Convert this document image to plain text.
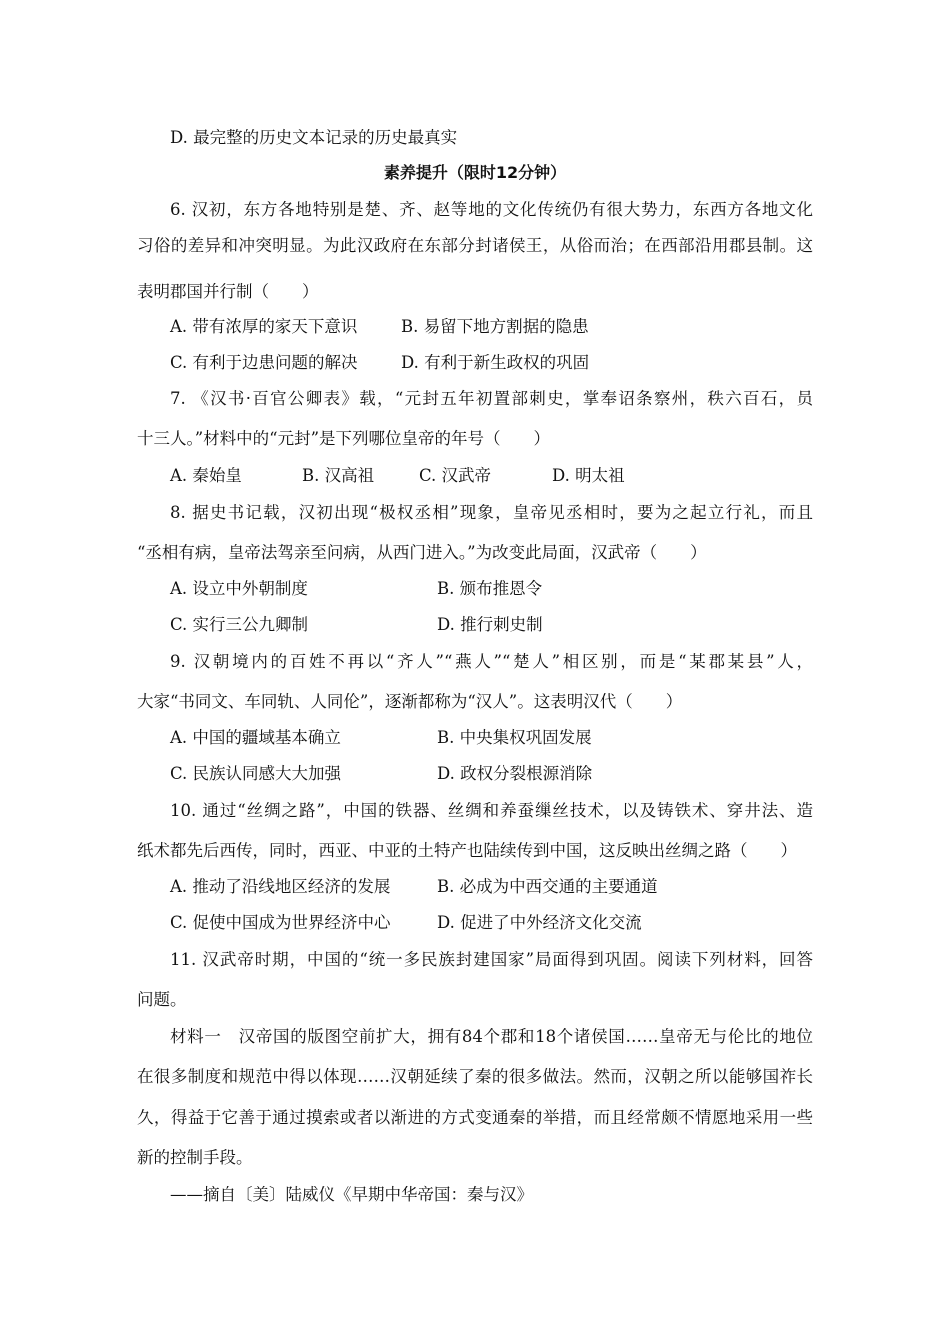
D. 最完整的历史文本记录的历史最真实
素养提升（限时12分钟）
6. 汉初，东方各地特别是楚、齐、赵等地的文化传统仍有很大势力，东西方各地文化
习俗的差异和冲突明显。为此汉政府在东部分封诸侯王，从俗而治；在西部沿用郡县制。这
表明郡国并行制（　　）
A. 带有浓厚的家天下意识	B. 易留下地方割据的隐患
C. 有利于边患问题的解决	D. 有利于新生政权的巩固
7. 《汉书·百官公卿表》载，“元封五年初置部刺史，掌奉诏条察州，秩六百石，员
十三人。”材料中的“元封”是下列哪位皇帝的年号（　　）
A. 秦始皇	B. 汉高祖	C. 汉武帝	D. 明太祖
8. 据史书记载，汉初出现“极权丞相”现象，皇帝见丞相时，要为之起立行礼，而且
“丞相有病，皇帝法驾亲至问病，从西门进入。”为改变此局面，汉武帝（　　）
A. 设立中外朝制度	B. 颁布推恩令
C. 实行三公九卿制	D. 推行刺史制
9. 汉朝境内的百姓不再以“齐人”“燕人”“楚人”相区别，而是“某郡某县”人，
大家“书同文、车同轨、人同伦”，逐渐都称为“汉人”。这表明汉代（　　）
A. 中国的疆域基本确立	B. 中央集权巩固发展
C. 民族认同感大大加强	D. 政权分裂根源消除
10. 通过“丝绸之路”，中国的铁器、丝绸和养蚕缫丝技术，以及铸铁术、穿井法、造
纸术都先后西传，同时，西亚、中亚的土特产也陆续传到中国，这反映出丝绸之路（　　）
A. 推动了沿线地区经济的发展	B. 必成为中西交通的主要通道
C. 促使中国成为世界经济中心	D. 促进了中外经济文化交流
11. 汉武帝时期，中国的“统一多民族封建国家”局面得到巩固。阅读下列材料，回答
问题。
材料一　汉帝国的版图空前扩大，拥有84个郡和18个诸侯国……皇帝无与伦比的地位
在很多制度和规范中得以体现……汉朝延续了秦的很多做法。然而，汉朝之所以能够国祚长
久，得益于它善于通过摸索或者以渐进的方式变通秦的举措，而且经常颇不情愿地采用一些
新的控制手段。
——摘自〔美〕陆威仪《早期中华帝国：秦与汉》
